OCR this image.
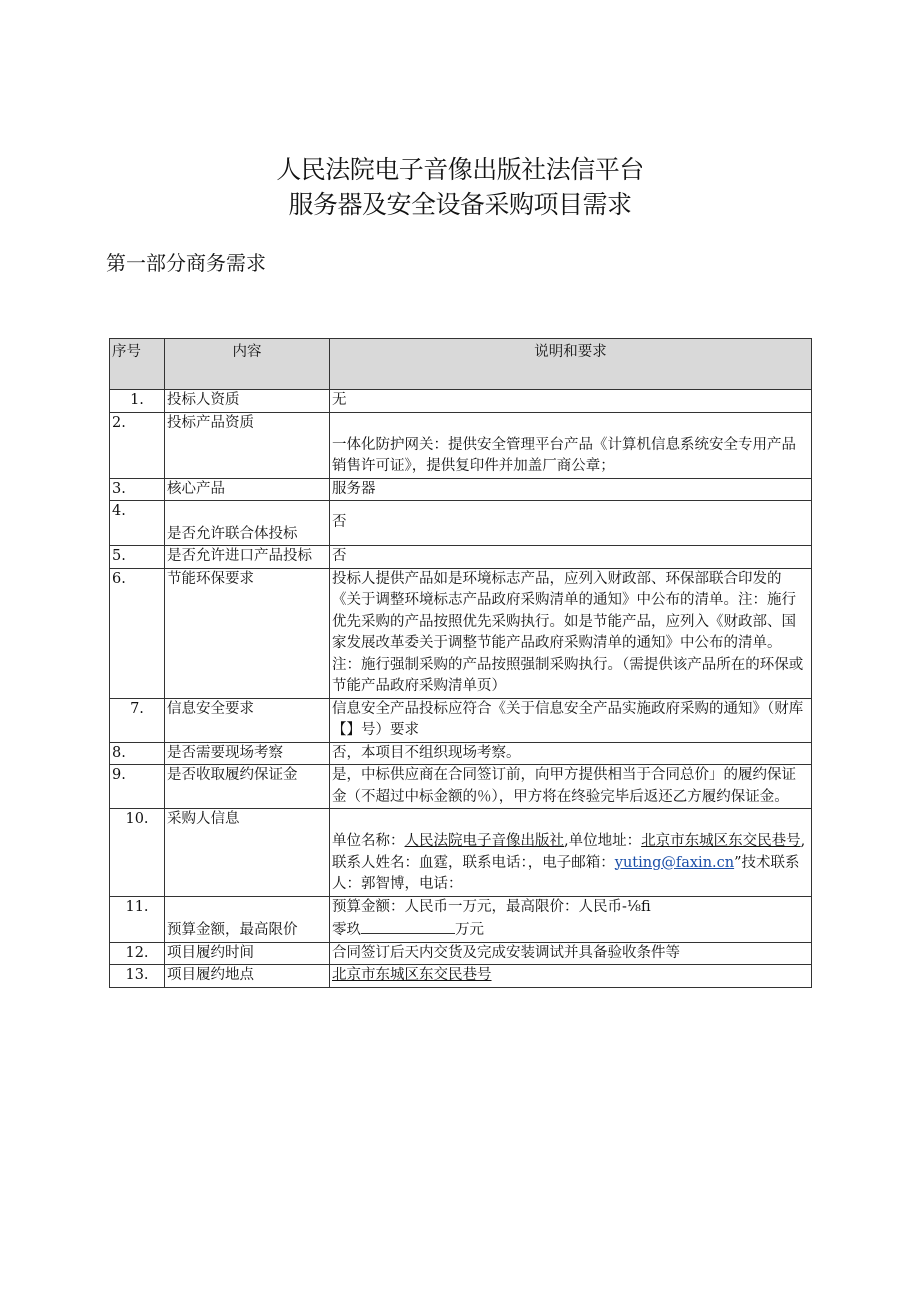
人民法院电子音像出版社法信平台
服务器及安全设备采购项目需求
第一部分商务需求
序号	内容	说明和要求
1.	投标人资质	无
2.	投标产品资质	一体化防护网关：提供安全管理平台产品《计算机信息系统安全专用产品销售许可证》，提供复印件并加盖厂商公章；
3.	核心产品	服务器
4.	是否允许联合体投标	否
5.	是否允许进口产品投标	否
6.	节能环保要求	投标人提供产品如是环境标志产品，应列入财政部、环保部联合印发的《关于调整环境标志产品政府采购清单的通知》中公布的清单。注：施行优先采购的产品按照优先采购执行。如是节能产品，应列入《财政部、国家发展改革委关于调整节能产品政府采购清单的通知》中公布的清单。注：施行强制采购的产品按照强制采购执行。（需提供该产品所在的环保或节能产品政府采购清单页）
7.	信息安全要求	信息安全产品投标应符合《关于信息安全产品实施政府采购的通知》（财库【】号）要求
8.	是否需要现场考察	否，本项目不组织现场考察。
9.	是否收取履约保证金	是，中标供应商在合同签订前，向甲方提供相当于合同总价」的履约保证金（不超过中标金额的％），甲方将在终验完毕后返还乙方履约保证金。
10.	采购人信息	单位名称：人民法院电子音像出版社,单位地址：北京市东城区东交民巷号,联系人姓名：血霆，联系电话：，电子邮箱：yuting@faxin.cn”技术联系人：郭智博，电话：
11.	预算金额，最高限价	预算金额：人民币一万元，最高限价：人民币-⅛fi
零玖 万元

12.	项目履约时间	合同签订后天内交货及完成安装调试并具备验收条件等
13.	项目履约地点	北京市东城区东交民巷号
